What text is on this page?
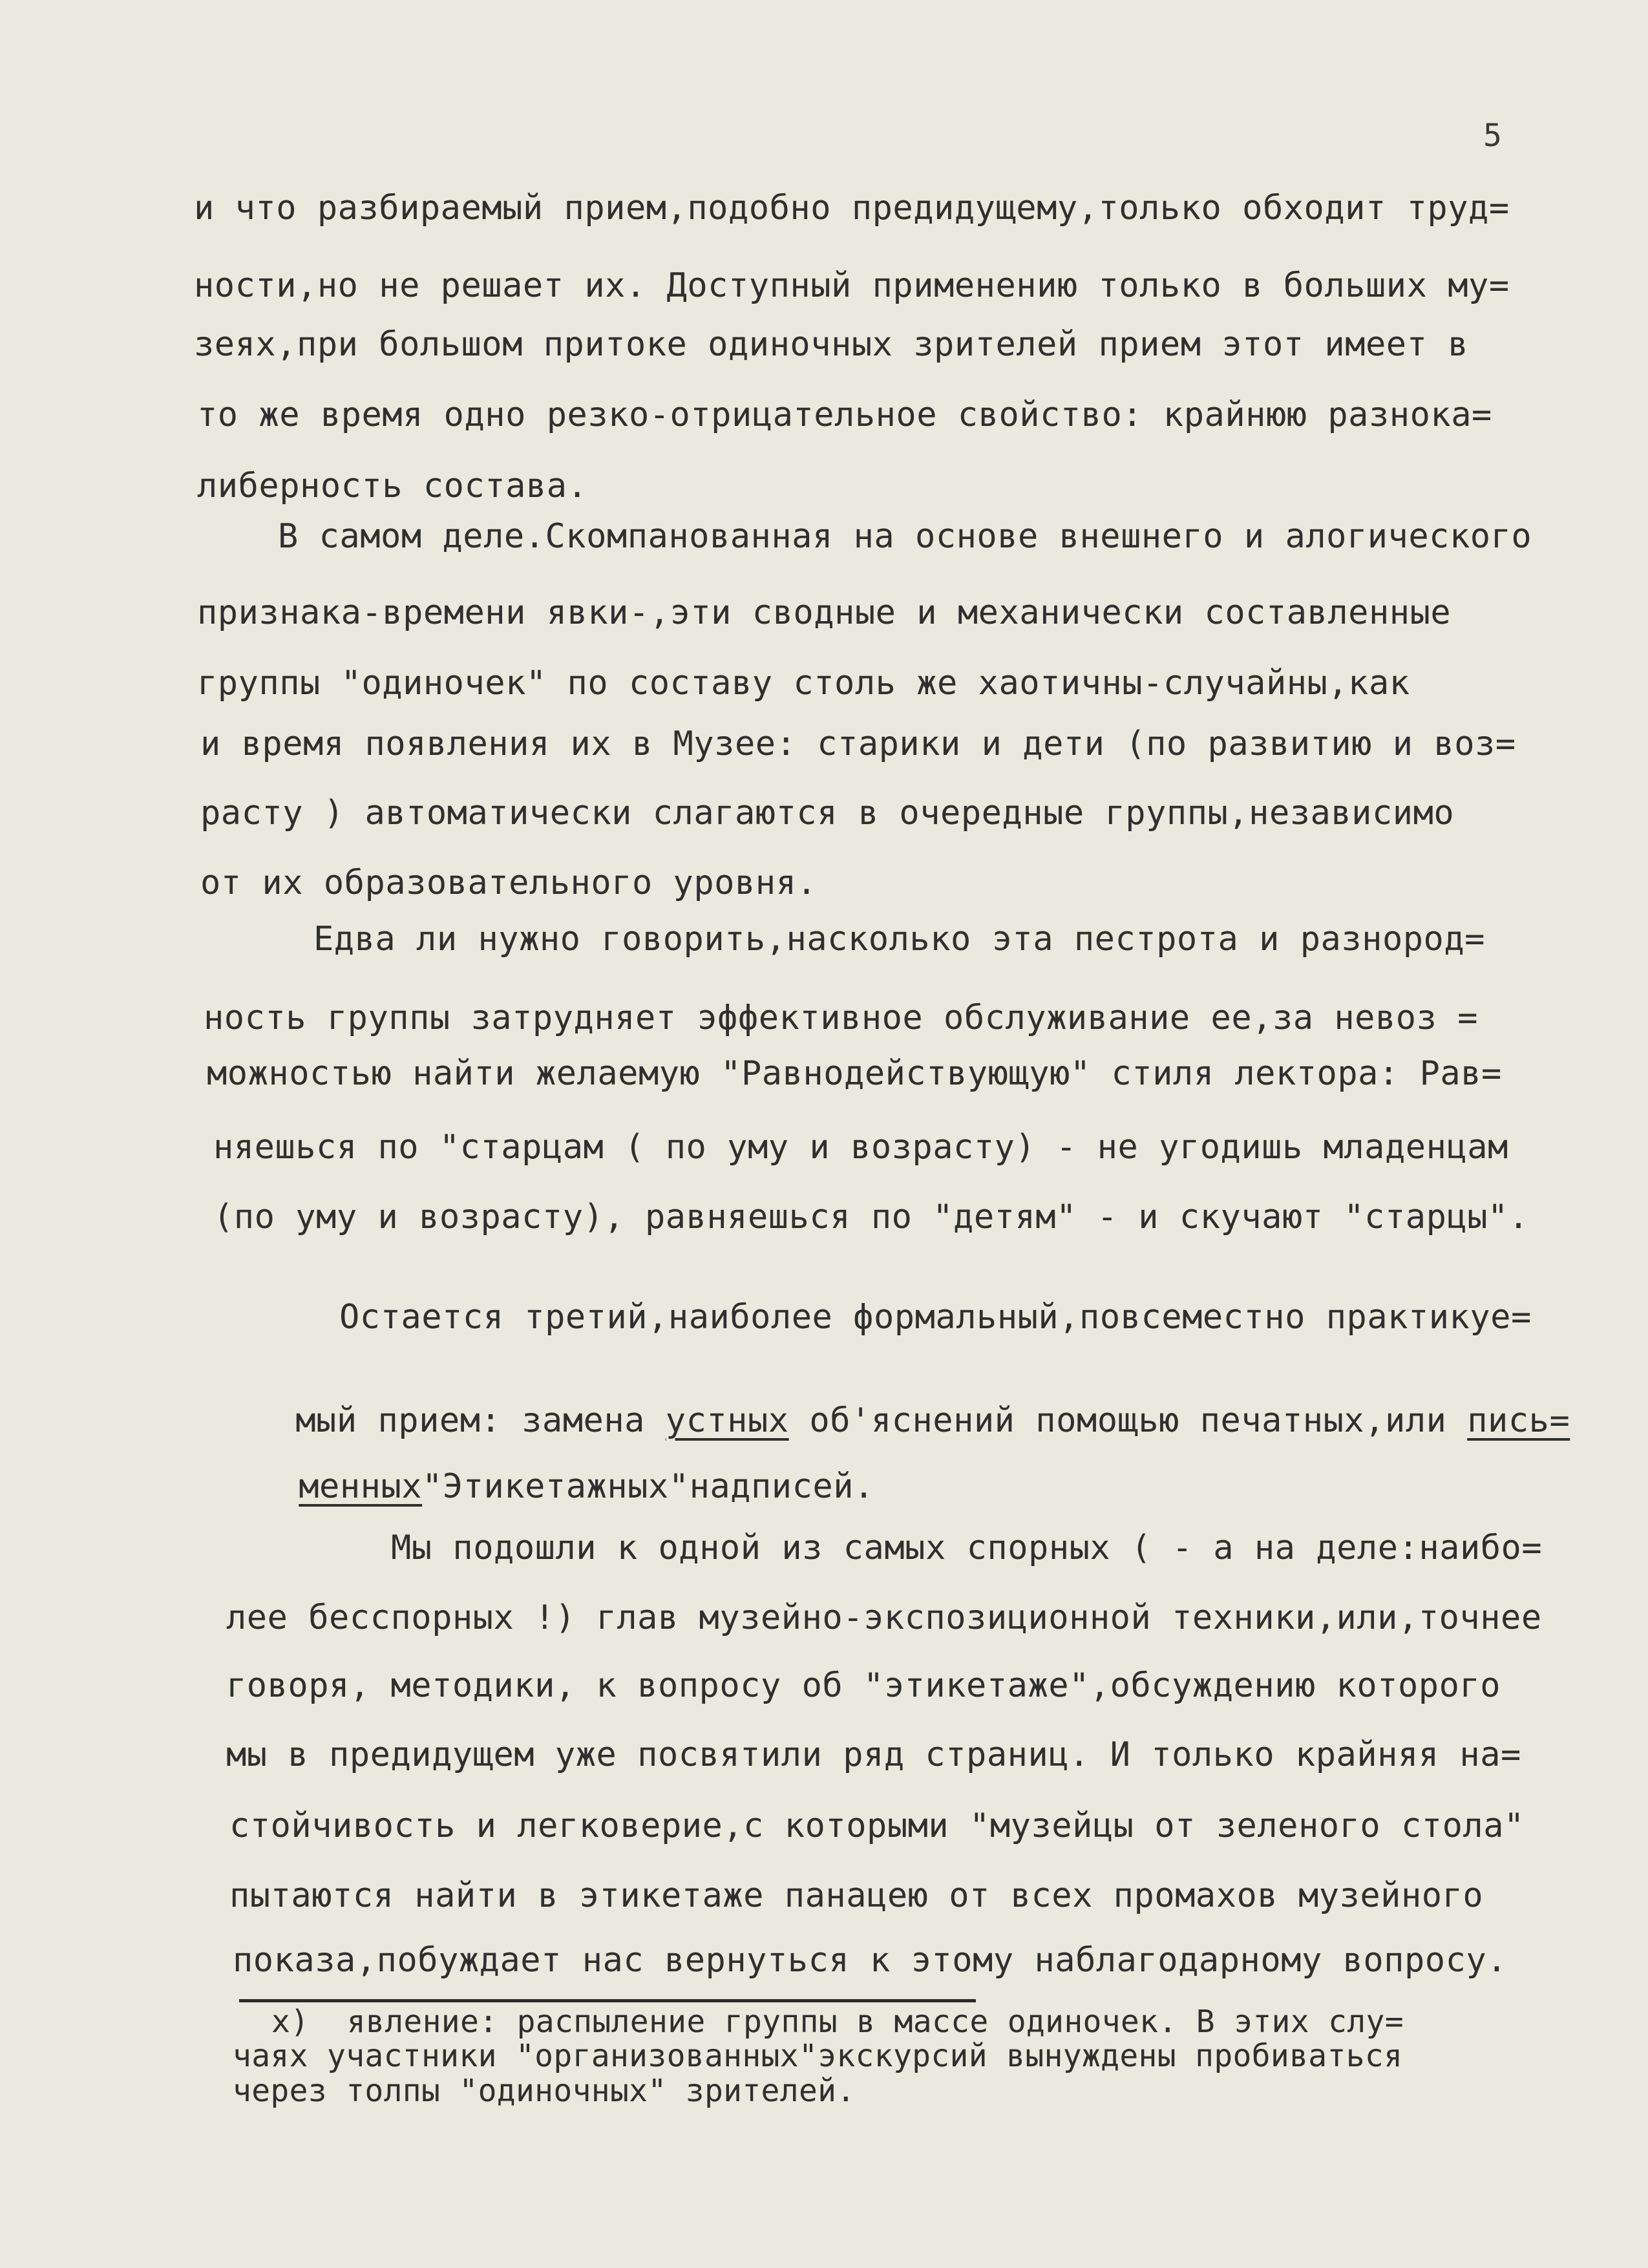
5
и что разбираемый прием,подобно предидущему,только обходит труд=
ности,но не решает их. Доступный применению только в больших му=
зеях,при большом притоке одиночных зрителей прием этот имеет в
то же время одно резко-отрицательное свойство: крайнюю разнока=
либерность состава.
В самом деле.Скомпанованная на основе внешнего и алогического
признака-времени явки-,эти сводные и механически составленные
группы "одиночек" по составу столь же хаотичны-случайны,как
и время появления их в Музее: старики и дети (по развитию и воз=
расту ) автоматически слагаются в очередные группы,независимо
от их образовательного уровня.
Едва ли нужно говорить,насколько эта пестрота и разнород=
ность группы затрудняет эффективное обслуживание ее,за невоз =
можностью найти желаемую "Равнодействующую" стиля лектора: Рав=
няешься по "старцам ( по уму и возрасту) - не угодишь младенцам
(по уму и возрасту), равняешься по "детям" - и скучают "старцы".
Остается третий,наиболее формальный,повсеместно практикуе=

мый прием: замена устных об'яснений помощью печатных,или пись=

менных"Этикетажных"надписей.

Мы подошли к одной из самых спорных ( - а на деле:наибо=
лее бесспорных !) глав музейно-экспозиционной техники,или,точнее
говоря, методики, к вопросу об "этикетаже",обсуждению которого
мы в предидущем уже посвятили ряд страниц. И только крайняя на=
стойчивость и легковерие,с которыми "музейцы от зеленого стола"
пытаются найти в этикетаже панацею от всех промахов музейного
показа,побуждает нас вернуться к этому наблагодарному вопросу.
х)  явление: распыление группы в массе одиночек. В этих слу=
чаях участники "организованных"экскурсий вынуждены пробиваться
через толпы "одиночных" зрителей.
